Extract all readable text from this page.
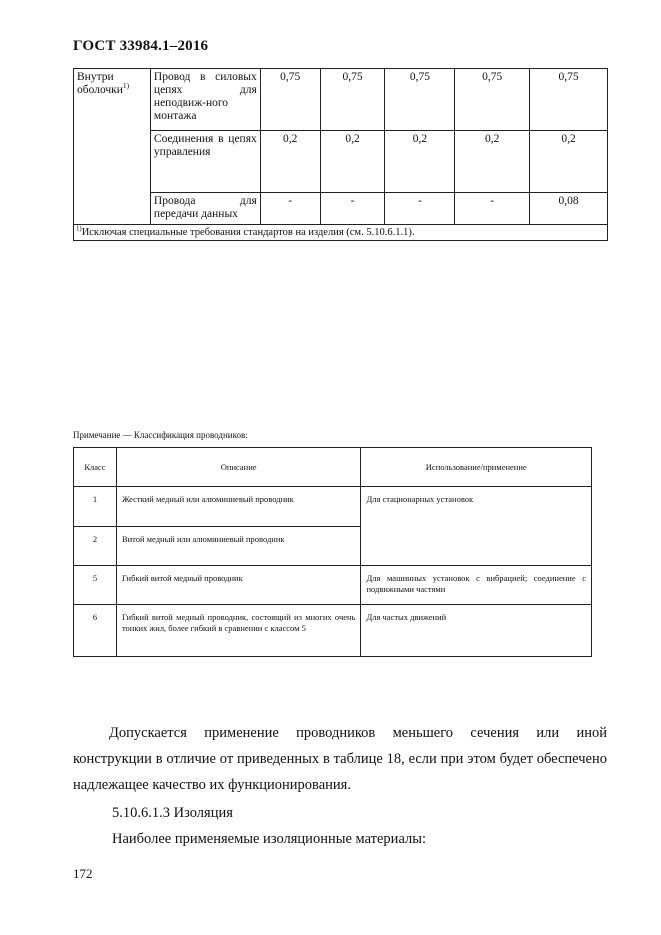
ГОСТ 33984.1–2016
Внутри оболочки$^{1)}$	Провод в силовых цепях для неподвиж-ного монтажа	0,75	0,75	0,75	0,75	0,75
	Соединения в цепях управления	0,2	0,2	0,2	0,2	0,2
	Провода для передачи данных	-	-	-	-	0,08
$^{1)}$Исключая специальные требования стандартов на изделия (см. 5.10.6.1.1).						
Примечание — Классификация проводников:
Класс	Описание	Использование/применение
1	Жесткий медный или алюминиевый проводник	Для стационарных установок
2	Витой медный или алюминиевый проводник	
5	Гибкий витой медный проводник	Для машинных установок с вибрацией; соединение с подвижными частями
6	Гибкий витой медный проводник, состоящий из многих очень тонких жил, более гибкий в сравнении с классом 5	Для частых движений
Допускается применение проводников меньшего сечения или иной конструкции в отличие от приведенных в таблице 18, если при этом будет обеспечено надлежащее качество их функционирования.
5.10.6.1.3 Изоляция
Наиболее применяемые изоляционные материалы:
172
